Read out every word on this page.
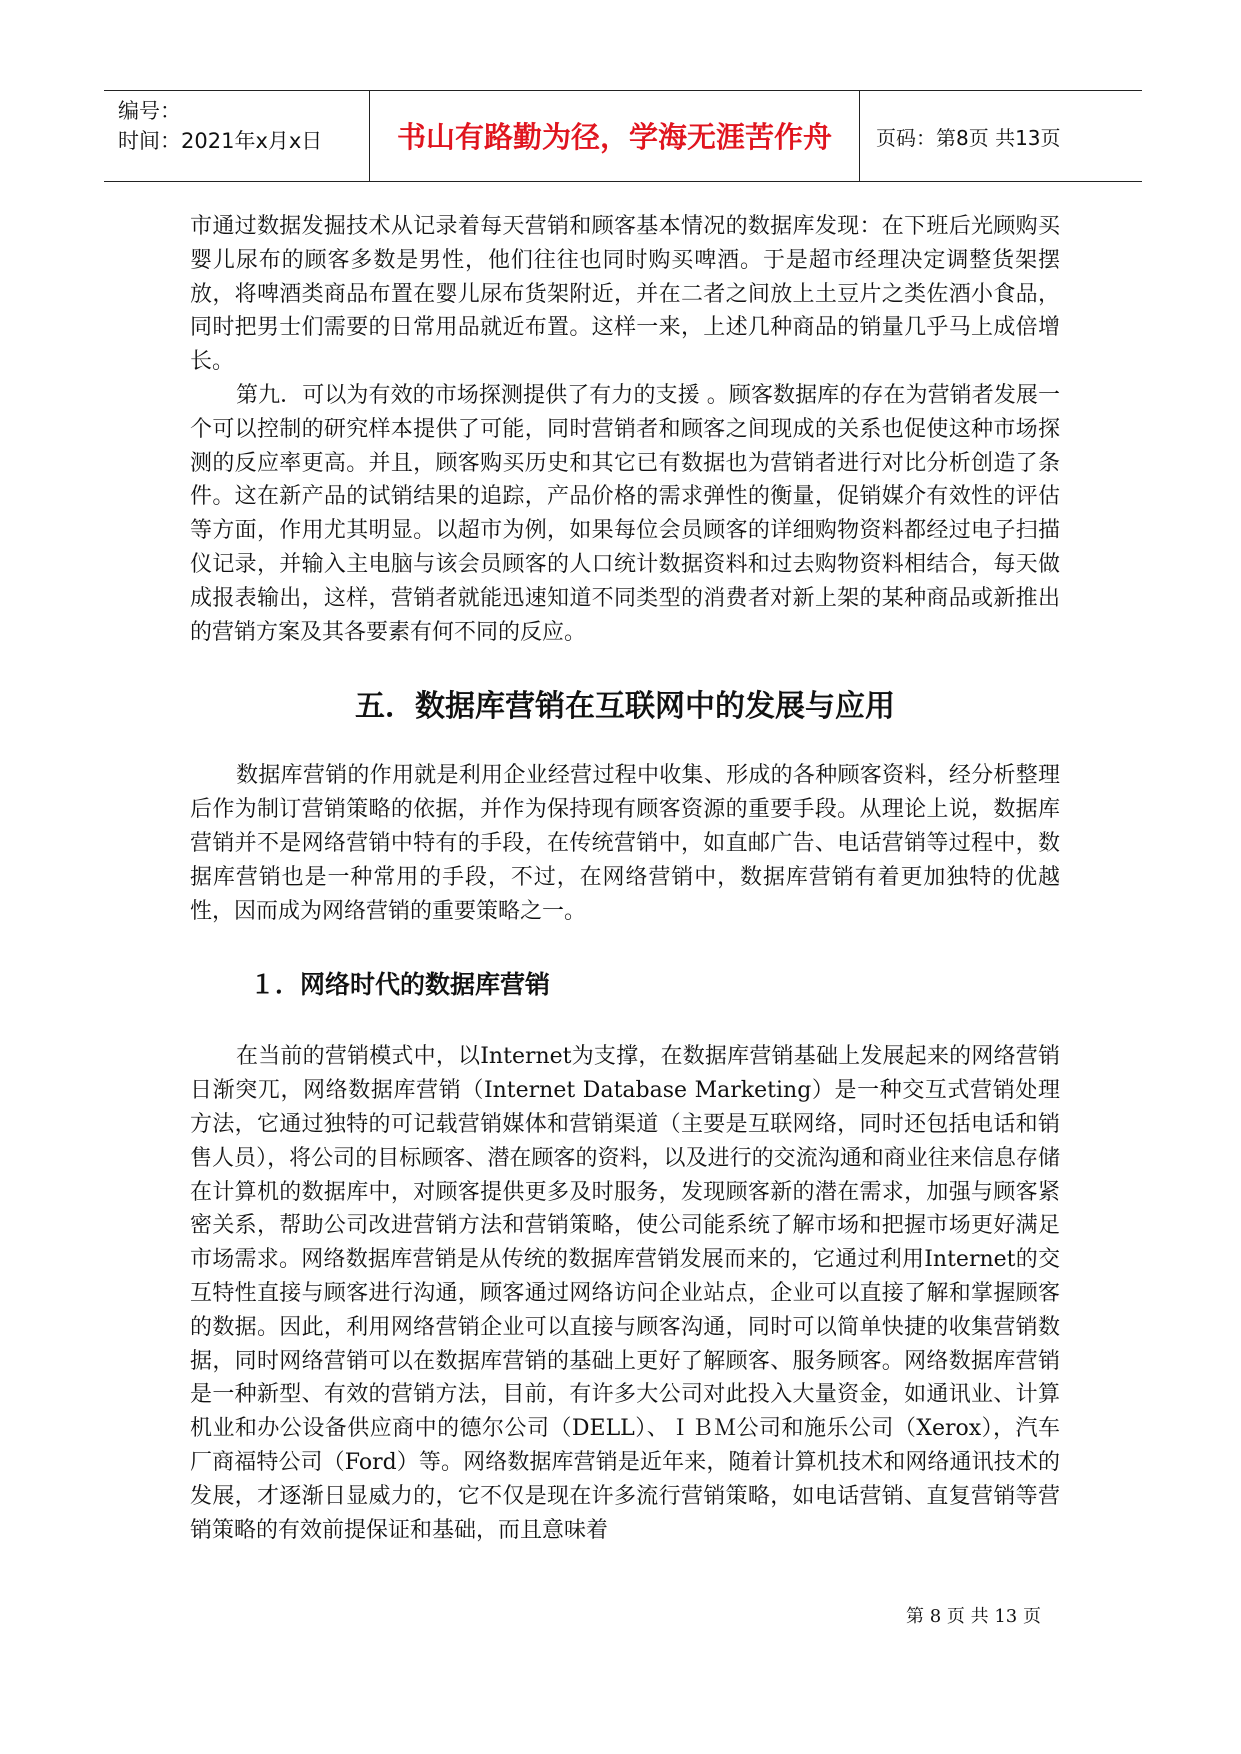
编号：
时间：2021年x月x日	书山有路勤为径，学海无涯苦作舟	页码：第8页 共13页

市通过数据发掘技术从记录着每天营销和顾客基本情况的数据库发现：在下班后光顾购买婴儿尿布的顾客多数是男性，他们往往也同时购买啤酒。于是超市经理决定调整货架摆放，将啤酒类商品布置在婴儿尿布货架附近，并在二者之间放上土豆片之类佐酒小食品，同时把男士们需要的日常用品就近布置。这样一来，上述几种商品的销量几乎马上成倍增长。

第九．可以为有效的市场探测提供了有力的支援 。顾客数据库的存在为营销者发展一个可以控制的研究样本提供了可能，同时营销者和顾客之间现成的关系也促使这种市场探测的反应率更高。并且，顾客购买历史和其它已有数据也为营销者进行对比分析创造了条件。这在新产品的试销结果的追踪，产品价格的需求弹性的衡量，促销媒介有效性的评估等方面，作用尤其明显。以超市为例，如果每位会员顾客的详细购物资料都经过电子扫描仪记录，并输入主电脑与该会员顾客的人口统计数据资料和过去购物资料相结合，每天做成报表输出，这样，营销者就能迅速知道不同类型的消费者对新上架的某种商品或新推出的营销方案及其各要素有何不同的反应。

五．数据库营销在互联网中的发展与应用

数据库营销的作用就是利用企业经营过程中收集、形成的各种顾客资料，经分析整理后作为制订营销策略的依据，并作为保持现有顾客资源的重要手段。从理论上说，数据库营销并不是网络营销中特有的手段，在传统营销中，如直邮广告、电话营销等过程中，数据库营销也是一种常用的手段，不过，在网络营销中，数据库营销有着更加独特的优越性，因而成为网络营销的重要策略之一。

１．网络时代的数据库营销

在当前的营销模式中，以Internet为支撑，在数据库营销基础上发展起来的网络营销日渐突兀，网络数据库营销（Internet Database Marketing）是一种交互式营销处理方法，它通过独特的可记载营销媒体和营销渠道（主要是互联网络，同时还包括电话和销售人员），将公司的目标顾客、潜在顾客的资料，以及进行的交流沟通和商业往来信息存储在计算机的数据库中，对顾客提供更多及时服务，发现顾客新的潜在需求，加强与顾客紧密关系，帮助公司改进营销方法和营销策略，使公司能系统了解市场和把握市场更好满足市场需求。网络数据库营销是从传统的数据库营销发展而来的，它通过利用Internet的交互特性直接与顾客进行沟通，顾客通过网络访问企业站点，企业可以直接了解和掌握顾客的数据。因此，利用网络营销企业可以直接与顾客沟通，同时可以简单快捷的收集营销数据，同时网络营销可以在数据库营销的基础上更好了解顾客、服务顾客。网络数据库营销是一种新型、有效的营销方法，目前，有许多大公司对此投入大量资金，如通讯业、计算机业和办公设备供应商中的德尔公司（DELL）、ＩＢＭ公司和施乐公司（Xerox），汽车厂商福特公司（Ford）等。网络数据库营销是近年来，随着计算机技术和网络通讯技术的发展，才逐渐日显威力的，它不仅是现在许多流行营销策略，如电话营销、直复营销等营销策略的有效前提保证和基础，而且意味着

第 8 页 共 13 页
